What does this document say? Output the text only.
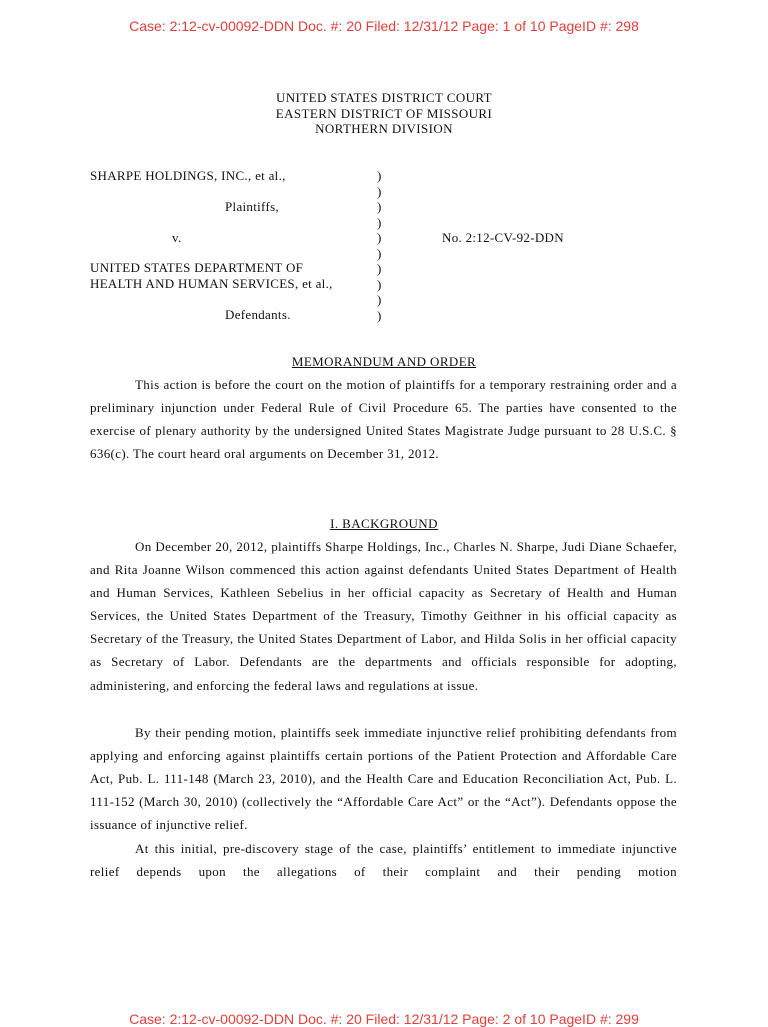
Case: 2:12-cv-00092-DDN Doc. #: 20 Filed: 12/31/12 Page: 1 of 10 PageID #: 298
UNITED STATES DISTRICT COURT
EASTERN DISTRICT OF MISSOURI
NORTHERN DIVISION
SHARPE HOLDINGS, INC., et al.,
Plaintiffs,
v.
UNITED STATES DEPARTMENT OF
HEALTH AND HUMAN SERVICES, et al.,
Defendants.
)
)
)
)
)
)
)
)
)
)
No. 2:12-CV-92-DDN
MEMORANDUM AND ORDER

This action is before the court on the motion of plaintiffs for a temporary restraining order and a preliminary injunction under Federal Rule of Civil Procedure 65. The parties have consented to the exercise of plenary authority by the undersigned United States Magistrate Judge pursuant to 28 U.S.C. § 636(c). The court heard oral arguments on December 31, 2012.

I. BACKGROUND

On December 20, 2012, plaintiffs Sharpe Holdings, Inc., Charles N. Sharpe, Judi Diane Schaefer, and Rita Joanne Wilson commenced this action against defendants United States Department of Health and Human Services, Kathleen Sebelius in her official capacity as Secretary of Health and Human Services, the United States Department of the Treasury, Timothy Geithner in his official capacity as Secretary of the Treasury, the United States Department of Labor, and Hilda Solis in her official capacity as Secretary of Labor. Defendants are the departments and officials responsible for adopting, administering, and enforcing the federal laws and regulations at issue.

By their pending motion, plaintiffs seek immediate injunctive relief prohibiting defendants from applying and enforcing against plaintiffs certain portions of the Patient Protection and Affordable Care Act, Pub. L. 111-148 (March 23, 2010), and the Health Care and Education Reconciliation Act, Pub. L. 111-152 (March 30, 2010) (collectively the “Affordable Care Act” or the “Act”). Defendants oppose the issuance of injunctive relief.

At this initial, pre-discovery stage of the case, plaintiffs’ entitlement to immediate injunctive relief depends upon the allegations of their complaint and their pending motion

Case: 2:12-cv-00092-DDN Doc. #: 20 Filed: 12/31/12 Page: 2 of 10 PageID #: 299
